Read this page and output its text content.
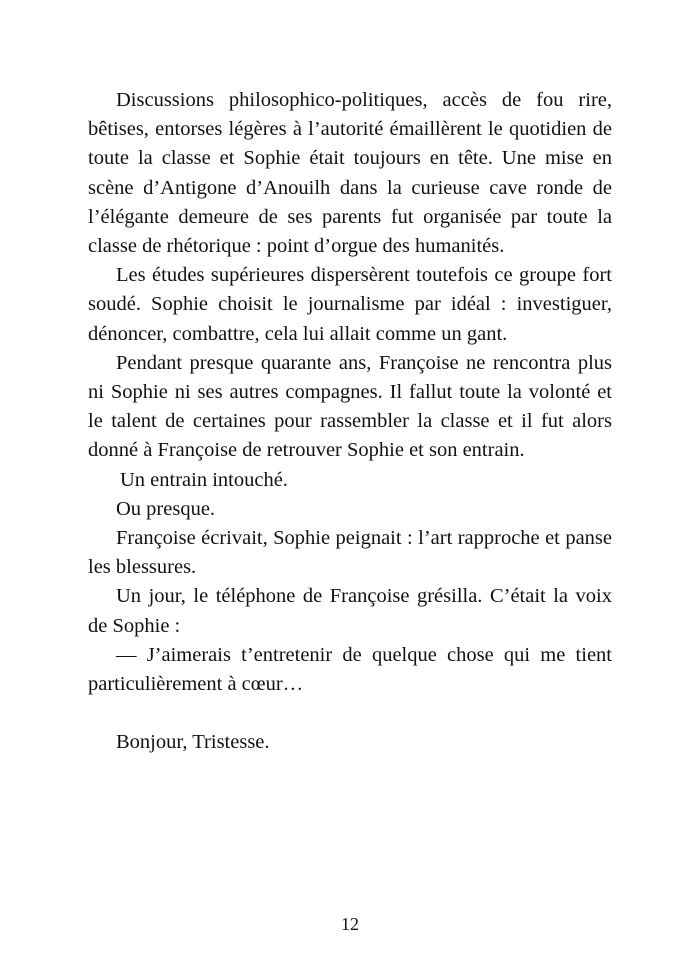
Discussions philosophico-politiques, accès de fou rire, bêtises, entorses légères à l’autorité émaillèrent le quotidien de toute la classe et Sophie était toujours en tête. Une mise en scène d’Antigone d’Anouilh dans la curieuse cave ronde de l’élégante demeure de ses parents fut organisée par toute la classe de rhétorique : point d’orgue des humanités.

Les études supérieures dispersèrent toutefois ce groupe fort soudé. Sophie choisit le journalisme par idéal : investiguer, dénoncer, combattre, cela lui allait comme un gant.

Pendant presque quarante ans, Françoise ne rencontra plus ni Sophie ni ses autres compagnes. Il fallut toute la volonté et le talent de certaines pour rassembler la classe et il fut alors donné à Françoise de retrouver Sophie et son entrain.

Un entrain intouché.

Ou presque.

Françoise écrivait, Sophie peignait : l’art rapproche et panse les blessures.

Un jour, le téléphone de Françoise grésilla. C’était la voix de Sophie :

— J’aimerais t’entretenir de quelque chose qui me tient particulièrement à cœur…

Bonjour, Tristesse.

12
